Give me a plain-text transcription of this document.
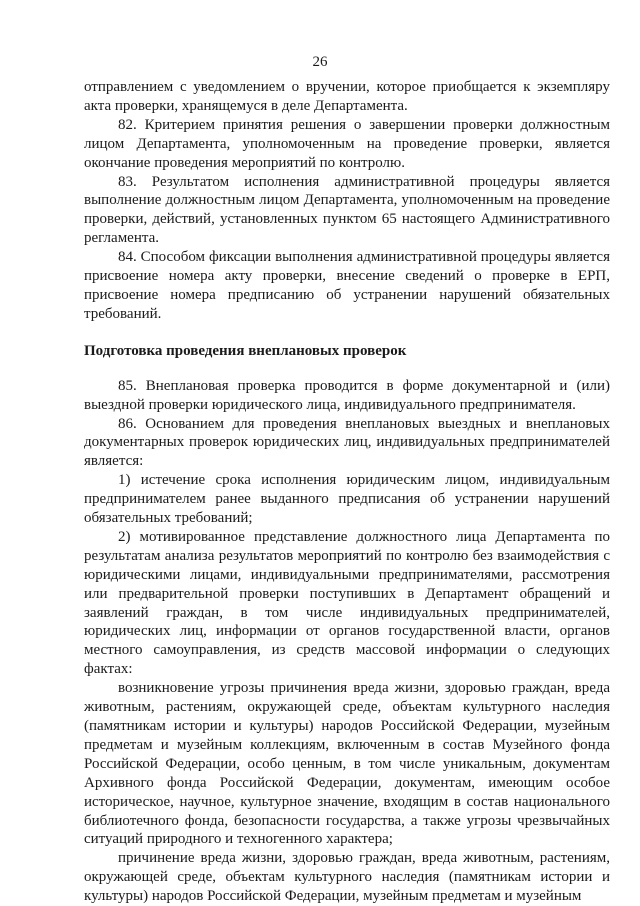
26

отправлением с уведомлением о вручении, которое приобщается к экземпляру акта проверки, хранящемуся в деле Департамента.

82. Критерием принятия решения о завершении проверки должностным лицом Департамента, уполномоченным на проведение проверки, является окончание проведения мероприятий по контролю.

83. Результатом исполнения административной процедуры является выполнение должностным лицом Департамента, уполномоченным на проведение проверки, действий, установленных пунктом 65 настоящего Административного регламента.

84. Способом фиксации выполнения административной процедуры является присвоение номера акту проверки, внесение сведений о проверке в ЕРП, присвоение номера предписанию об устранении нарушений обязательных требований.

Подготовка проведения внеплановых проверок

85. Внеплановая проверка проводится в форме документарной и (или) выездной проверки юридического лица, индивидуального предпринимателя.

86. Основанием для проведения внеплановых выездных и внеплановых документарных проверок юридических лиц, индивидуальных предпринимателей является:

1) истечение срока исполнения юридическим лицом, индивидуальным предпринимателем ранее выданного предписания об устранении нарушений обязательных требований;

2) мотивированное представление должностного лица Департамента по результатам анализа результатов мероприятий по контролю без взаимодействия с юридическими лицами, индивидуальными предпринимателями, рассмотрения или предварительной проверки поступивших в Департамент обращений и заявлений граждан, в том числе индивидуальных предпринимателей, юридических лиц, информации от органов государственной власти, органов местного самоуправления, из средств массовой информации о следующих фактах:

возникновение угрозы причинения вреда жизни, здоровью граждан, вреда животным, растениям, окружающей среде, объектам культурного наследия (памятникам истории и культуры) народов Российской Федерации, музейным предметам и музейным коллекциям, включенным в состав Музейного фонда Российской Федерации, особо ценным, в том числе уникальным, документам Архивного фонда Российской Федерации, документам, имеющим особое историческое, научное, культурное значение, входящим в состав национального библиотечного фонда, безопасности государства, а также угрозы чрезвычайных ситуаций природного и техногенного характера;

причинение вреда жизни, здоровью граждан, вреда животным, растениям, окружающей среде, объектам культурного наследия (памятникам истории и культуры) народов Российской Федерации, музейным предметам и музейным
